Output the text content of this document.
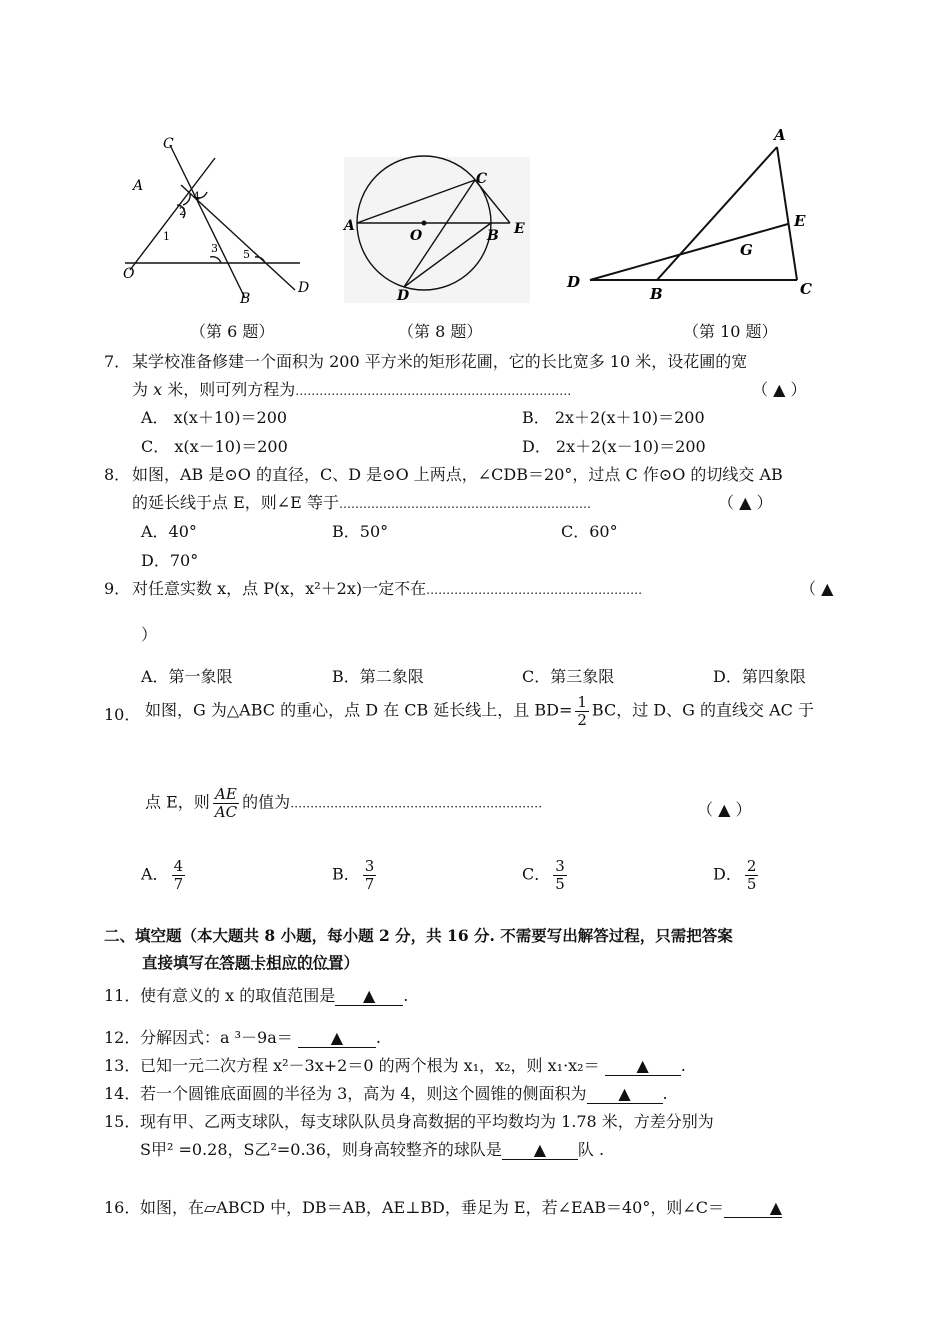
C
A
O
B
D
1
2
3
4
5
（第 6 题）
A
O	B
C
D
E
（第 8 题）
A
E
G
D
B	C
（第 10 题）
7． 某学校准备修建一个面积为 200 平方米的矩形花圃，它的长比宽多 10 米，设花圃的宽
为 x 米，则可列方程为……………………………………………………………	（ ▲ ）
A． x(x＋10)＝200	B． 2x＋2(x＋10)＝200
C． x(x－10)＝200	D． 2x＋2(x－10)＝200
8． 如图，AB 是⊙O 的直径，C、D 是⊙O 上两点，∠CDB＝20°，过点 C 作⊙O 的切线交 AB
的延长线于点 E，则∠E 等于………………………………………………………	（ ▲ ）
A．40°	B．50°	C．60°
D．70°
9． 对任意实数 x，点 P(x，x²＋2x)一定不在………………………………………………	（ ▲
）
A．第一象限	B．第二象限	C．第三象限	D．第四象限
10． 如图，G 为△ABC 的重心，点 D 在 CB 延长线上，且 $BD= \frac{1}{2}$ BC，过 D、G 的直线交 AC 于
点 E，则 $\frac{AE}{AC}$ 的值为………………………………………………………	（ ▲ ）
A． $\frac{4}{7}$	B． $\frac{3}{7}$	C． $\frac{3}{5}$	D． $\frac{2}{5}$
二、填空题（本大题共 8 小题，每小题 2 分，共 16 分. 不需要写出解答过程，只需把答案
直接填写在答题卡相应的位置）
11． 使有意义的 x 的取值范围是 ▲ .
12． 分解因式：a ³－9a＝ ▲ .
13． 已知一元二次方程 x²－3x+2＝0 的两个根为 x₁，x₂，则 x₁·x₂＝ ▲ .
14． 若一个圆锥底面圆的半径为 3，高为 4，则这个圆锥的侧面积为 ▲ .
15． 现有甲、乙两支球队，每支球队队员身高数据的平均数均为 1.78 米，方差分别为
S甲² =0.28，S乙²=0.36，则身高较整齐的球队是 ▲ 队 .
16． 如图，在▱ABCD 中，DB＝AB，AE⊥BD，垂足为 E，若∠EAB＝40°，则∠C＝	▲
